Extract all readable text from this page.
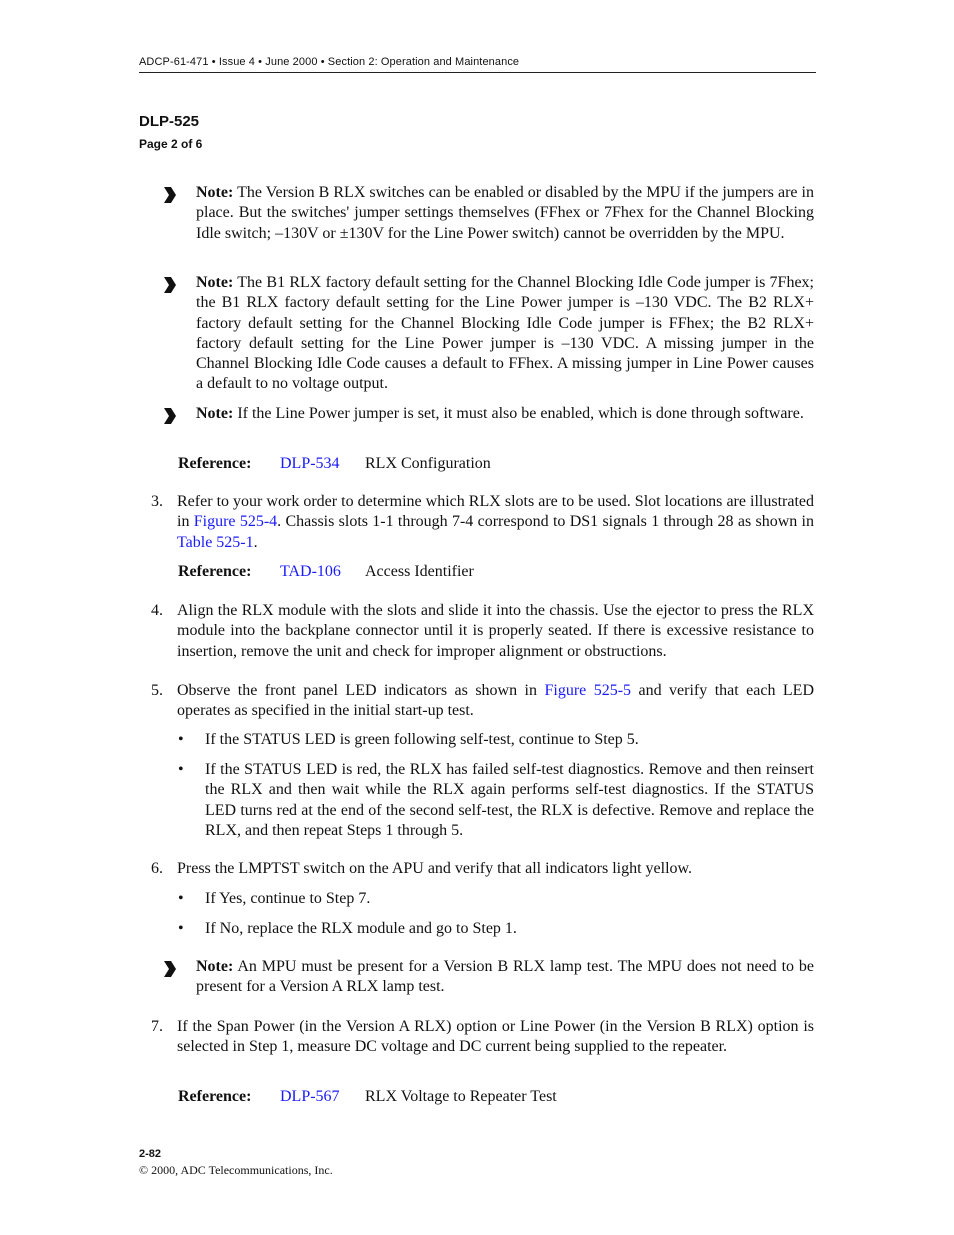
ADCP-61-471 • Issue 4 • June 2000 • Section 2: Operation and Maintenance
DLP-525
Page 2 of 6
Note: The Version B RLX switches can be enabled or disabled by the MPU if the jumpers are in place. But the switches' jumper settings themselves (FFhex or 7Fhex for the Channel Blocking Idle switch; –130V or ±130V for the Line Power switch) cannot be overridden by the MPU.
Note: The B1 RLX factory default setting for the Channel Blocking Idle Code jumper is 7Fhex; the B1 RLX factory default setting for the Line Power jumper is –130 VDC. The B2 RLX+ factory default setting for the Channel Blocking Idle Code jumper is FFhex; the B2 RLX+ factory default setting for the Line Power jumper is –130 VDC. A missing jumper in the Channel Blocking Idle Code causes a default to FFhex. A missing jumper in Line Power causes a default to no voltage output.
Note: If the Line Power jumper is set, it must also be enabled, which is done through software.
Reference: DLP-534 RLX Configuration
3. Refer to your work order to determine which RLX slots are to be used. Slot locations are illustrated in Figure 525-4. Chassis slots 1-1 through 7-4 correspond to DS1 signals 1 through 28 as shown in Table 525-1.
Reference: TAD-106 Access Identifier
4. Align the RLX module with the slots and slide it into the chassis. Use the ejector to press the RLX module into the backplane connector until it is properly seated. If there is excessive resistance to insertion, remove the unit and check for improper alignment or obstructions.
5. Observe the front panel LED indicators as shown in Figure 525-5 and verify that each LED operates as specified in the initial start-up test.
• If the STATUS LED is green following self-test, continue to Step 5.
• If the STATUS LED is red, the RLX has failed self-test diagnostics. Remove and then reinsert the RLX and then wait while the RLX again performs self-test diagnostics. If the STATUS LED turns red at the end of the second self-test, the RLX is defective. Remove and replace the RLX, and then repeat Steps 1 through 5.
6. Press the LMPTST switch on the APU and verify that all indicators light yellow.
• If Yes, continue to Step 7.
• If No, replace the RLX module and go to Step 1.
Note: An MPU must be present for a Version B RLX lamp test. The MPU does not need to be present for a Version A RLX lamp test.
7. If the Span Power (in the Version A RLX) option or Line Power (in the Version B RLX) option is selected in Step 1, measure DC voltage and DC current being supplied to the repeater.
Reference: DLP-567 RLX Voltage to Repeater Test
2-82
© 2000, ADC Telecommunications, Inc.
